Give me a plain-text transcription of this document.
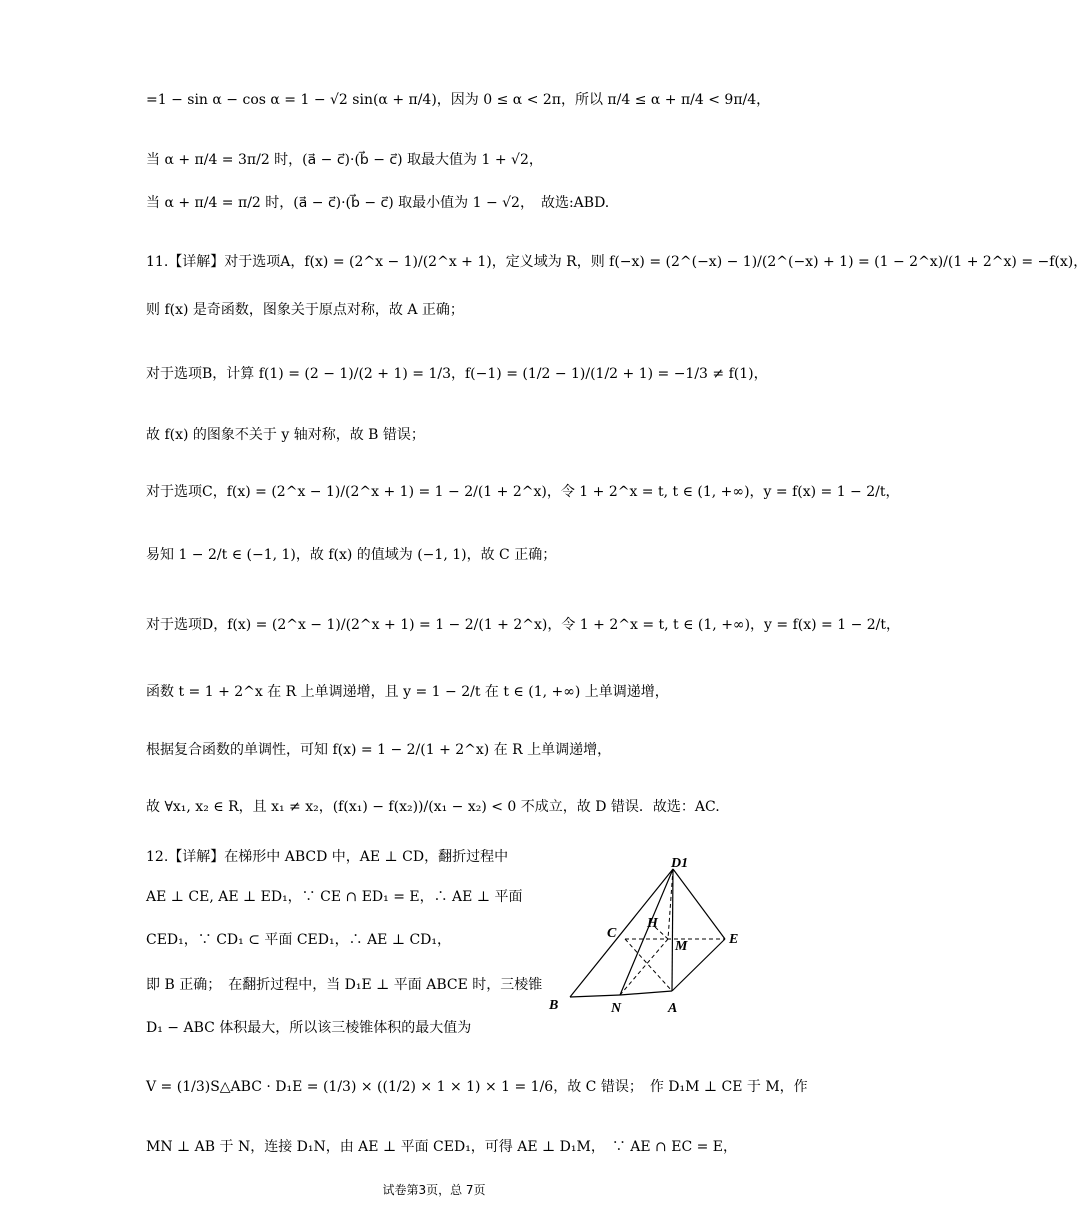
=1 − sin α − cos α = 1 − √2 sin(α + π/4)，因为 0 ≤ α < 2π，所以 π/4 ≤ α + π/4 < 9π/4，
当 α + π/4 = 3π/2 时，(a⃗ − c⃗)·(b⃗ − c⃗) 取最大值为 1 + √2，
当 α + π/4 = π/2 时，(a⃗ − c⃗)·(b⃗ − c⃗) 取最小值为 1 − √2，　故选:ABD.
11.【详解】对于选项A，f(x) = (2^x − 1)/(2^x + 1)，定义域为 R，则 f(−x) = (2^(−x) − 1)/(2^(−x) + 1) = (1 − 2^x)/(1 + 2^x) = −f(x)，
则 f(x) 是奇函数，图象关于原点对称，故 A 正确；
对于选项B，计算 f(1) = (2 − 1)/(2 + 1) = 1/3，f(−1) = (1/2 − 1)/(1/2 + 1) = −1/3 ≠ f(1)，
故 f(x) 的图象不关于 y 轴对称，故 B 错误；
对于选项C，f(x) = (2^x − 1)/(2^x + 1) = 1 − 2/(1 + 2^x)，令 1 + 2^x = t, t ∈ (1, +∞)，y = f(x) = 1 − 2/t，
易知 1 − 2/t ∈ (−1, 1)，故 f(x) 的值域为 (−1, 1)，故 C 正确；
对于选项D，f(x) = (2^x − 1)/(2^x + 1) = 1 − 2/(1 + 2^x)，令 1 + 2^x = t, t ∈ (1, +∞)，y = f(x) = 1 − 2/t，
函数 t = 1 + 2^x 在 R 上单调递增，且 y = 1 − 2/t 在 t ∈ (1, +∞) 上单调递增，
根据复合函数的单调性，可知 f(x) = 1 − 2/(1 + 2^x) 在 R 上单调递增，
故 ∀x₁, x₂ ∈ R，且 x₁ ≠ x₂，(f(x₁) − f(x₂))/(x₁ − x₂) < 0 不成立，故 D 错误．故选：AC.
12.【详解】在梯形中 ABCD 中，AE ⊥ CD，翻折过程中
AE ⊥ CE, AE ⊥ ED₁，∵ CE ∩ ED₁ = E，∴ AE ⊥ 平面
CED₁，∵ CD₁ ⊂ 平面 CED₁，∴ AE ⊥ CD₁，
即 B 正确；　在翻折过程中，当 D₁E ⊥ 平面 ABCE 时，三棱锥
D₁ − ABC 体积最大，所以该三棱锥体积的最大值为
V = (1/3)S△ABC · D₁E = (1/3) × ((1/2) × 1 × 1) × 1 = 1/6，故 C 错误；　作 D₁M ⊥ CE 于 M，作
MN ⊥ AB 于 N，连接 D₁N，由 AE ⊥ 平面 CED₁，可得 AE ⊥ D₁M，　∵ AE ∩ EC = E，
D1
C
H
M	E
B	N	A
试卷第3页，总 7页
